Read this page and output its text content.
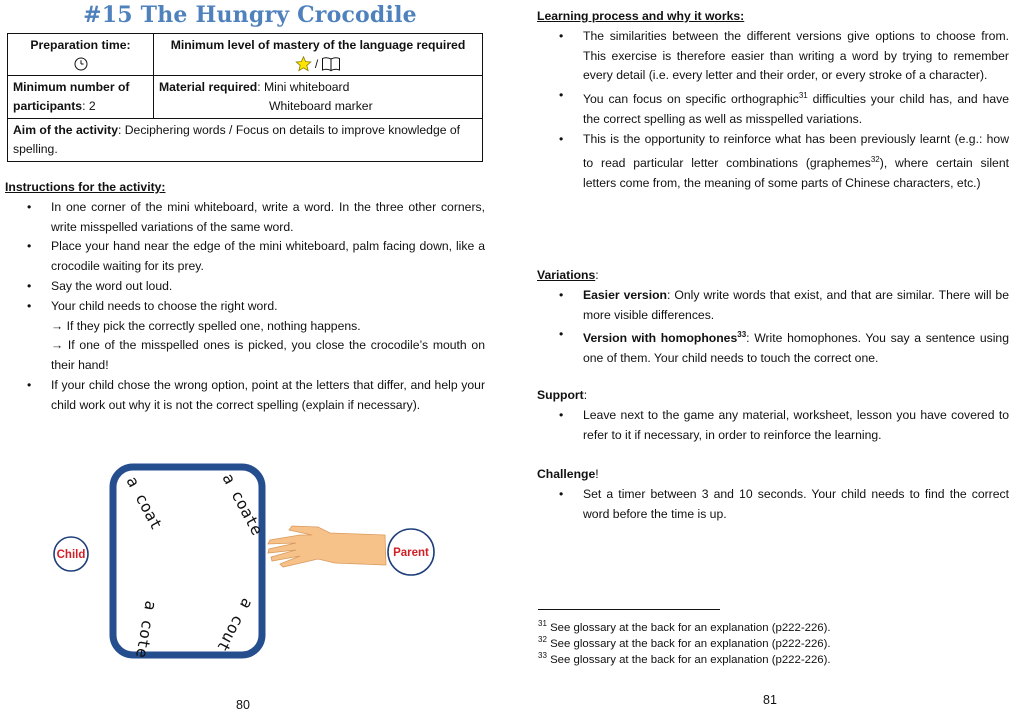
#15 The Hungry Crocodile
Preparation time:	Minimum level of mastery of the language required
/

Minimum number of participants: 2	Material required: Mini whiteboard
Whiteboard marker

Aim of the activity: Deciphering words / Focus on details to improve knowledge of spelling.	
Instructions for the activity:
• In one corner of the mini whiteboard, write a word. In the three other corners, write misspelled variations of the same word.
• Place your hand near the edge of the mini whiteboard, palm facing down, like a crocodile waiting for its prey.
• Say the word out loud.
• Your child needs to choose the right word.
→ If they pick the correctly spelled one, nothing happens.
→ If one of the misspelled ones is picked, you close the crocodile’s mouth on their hand!
• If your child chose the wrong option, point at the letters that differ, and help your child work out why it is not the correct spelling (explain if necessary).
Child	Parent
a coat	a coate
a cote	a cout
80
Learning process and why it works:
• The similarities between the different versions give options to choose from. This exercise is therefore easier than writing a word by trying to remember every detail (i.e. every letter and their order, or every stroke of a character).
• You can focus on specific orthographic$^{31}$ difficulties your child has, and have the correct spelling as well as misspelled variations.
• This is the opportunity to reinforce what has been previously learnt (e.g.: how to read particular letter combinations (graphemes$^{32}$), where certain silent letters come from, the meaning of some parts of Chinese characters, etc.)
Variations:
• Easier version: Only write words that exist, and that are similar. There will be more visible differences.
• Version with homophones$^{33}$: Write homophones. You say a sentence using one of them. Your child needs to touch the correct one.
Support:
• Leave next to the game any material, worksheet, lesson you have covered to refer to it if necessary, in order to reinforce the learning.
Challenge!
• Set a timer between 3 and 10 seconds. Your child needs to find the correct word before the time is up.
$^{31}$ See glossary at the back for an explanation (p222-226).
$^{32}$ See glossary at the back for an explanation (p222-226).
$^{33}$ See glossary at the back for an explanation (p222-226).
81
